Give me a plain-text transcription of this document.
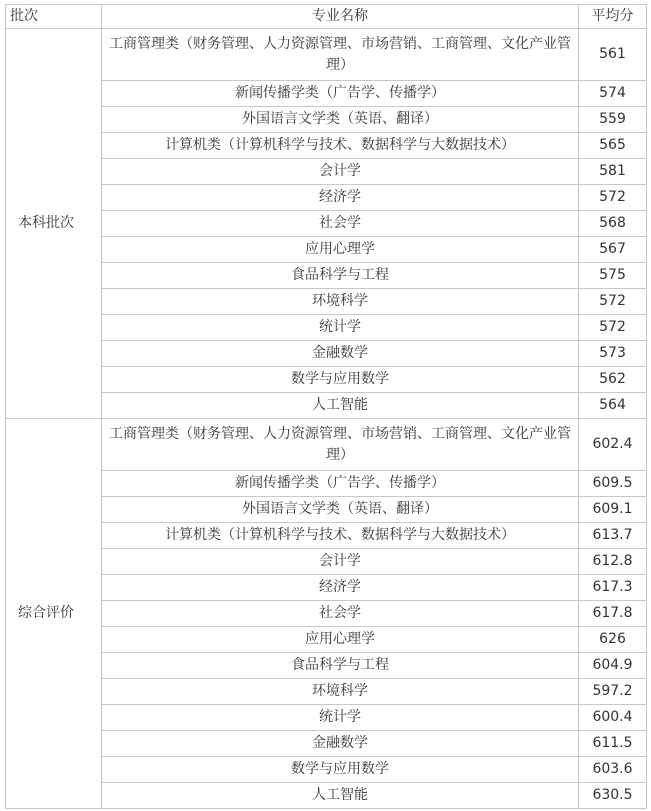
批次	专业名称	平均分
本科批次	工商管理类（财务管理、人力资源管理、市场营销、工商管理、文化产业管理）	561
	新闻传播学类（广告学、传播学）	574
	外国语言文学类（英语、翻译）	559
	计算机类（计算机科学与技术、数据科学与大数据技术）	565
	会计学	581
	经济学	572
	社会学	568
	应用心理学	567
	食品科学与工程	575
	环境科学	572
	统计学	572
	金融数学	573
	数学与应用数学	562
	人工智能	564
综合评价	工商管理类（财务管理、人力资源管理、市场营销、工商管理、文化产业管理）	602.4
	新闻传播学类（广告学、传播学）	609.5
	外国语言文学类（英语、翻译）	609.1
	计算机类（计算机科学与技术、数据科学与大数据技术）	613.7
	会计学	612.8
	经济学	617.3
	社会学	617.8
	应用心理学	626
	食品科学与工程	604.9
	环境科学	597.2
	统计学	600.4
	金融数学	611.5
	数学与应用数学	603.6
	人工智能	630.5
